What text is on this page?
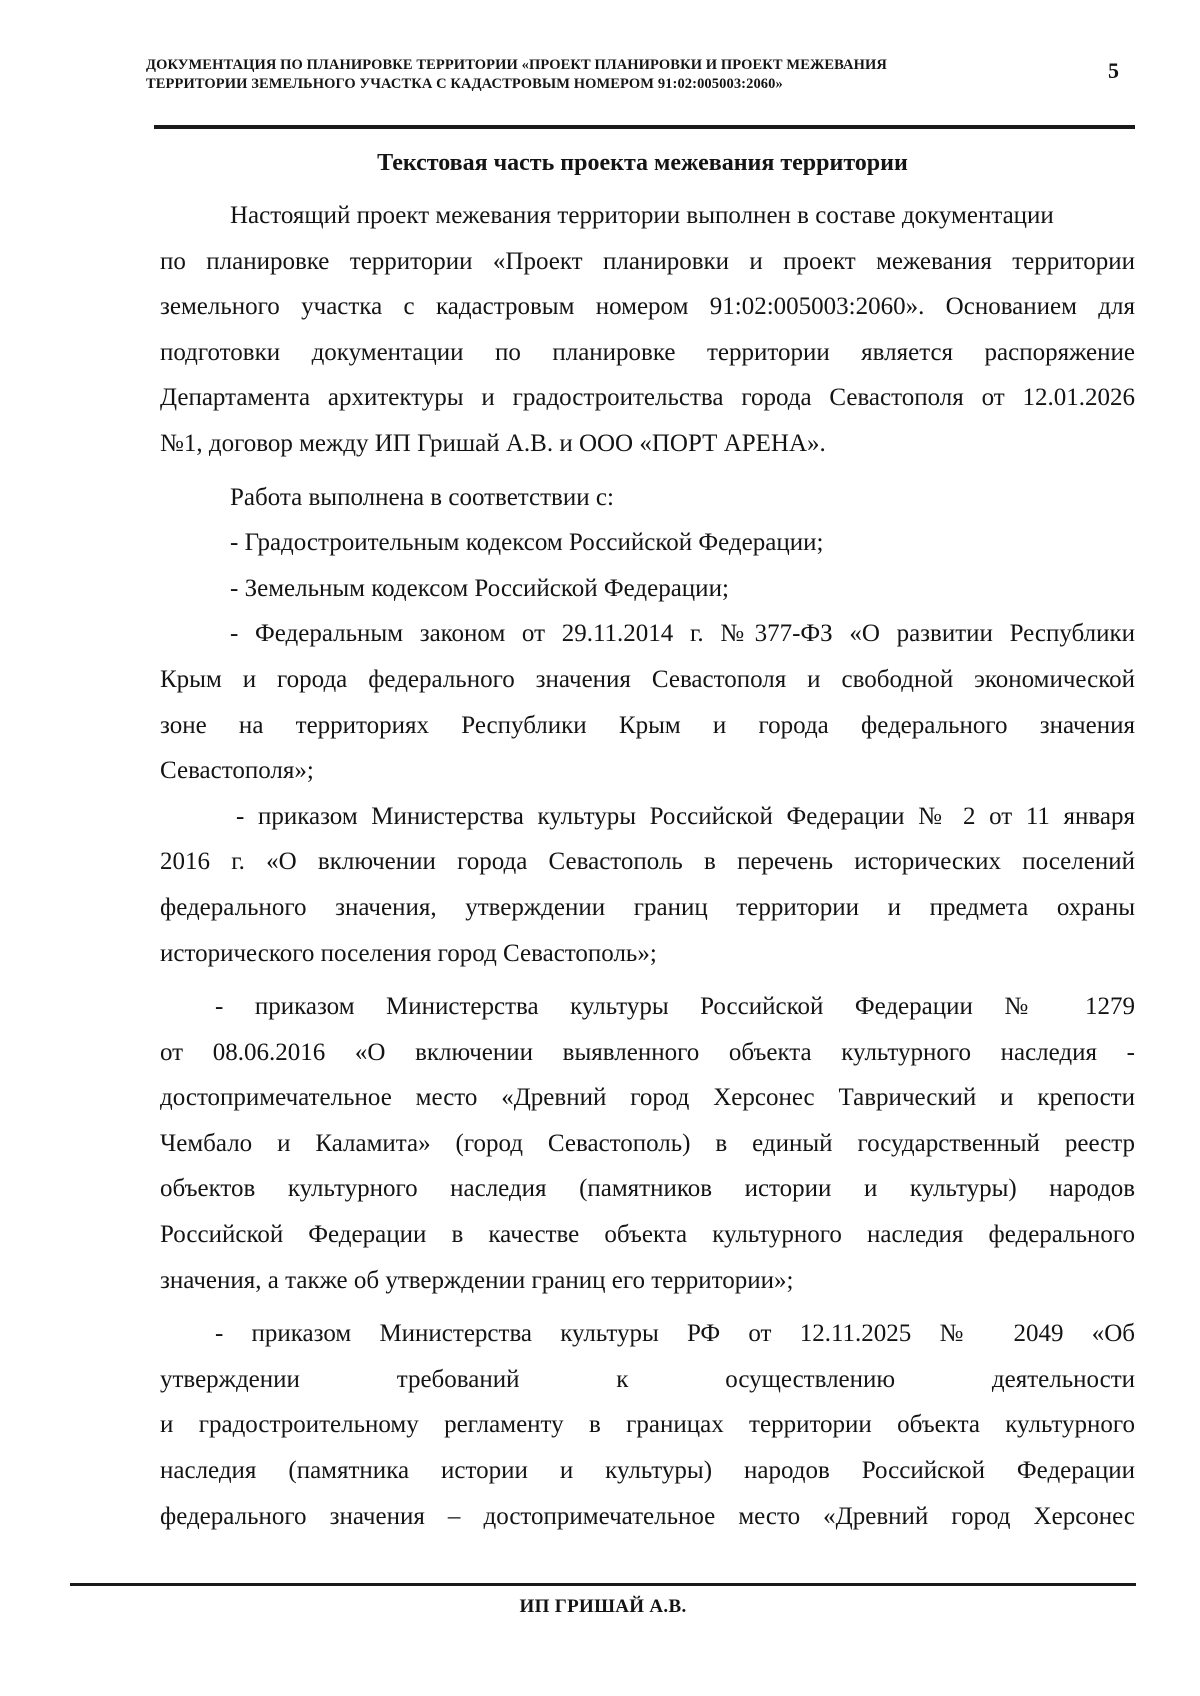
ДОКУМЕНТАЦИЯ ПО ПЛАНИРОВКЕ ТЕРРИТОРИИ «ПРОЕКТ ПЛАНИРОВКИ И ПРОЕКТ МЕЖЕВАНИЯ
ТЕРРИТОРИИ ЗЕМЕЛЬНОГО УЧАСТКА С КАДАСТРОВЫМ НОМЕРОМ 91:02:005003:2060»
5
Текстовая часть проекта межевания территории
Настоящий проект межевания территории выполнен в составе документации
по планировке территории «Проект планировки и проект межевания территории
земельного участка с кадастровым номером 91:02:005003:2060». Основанием для
подготовки документации по планировке территории является распоряжение
Департамента архитектуры и градостроительства города Севастополя от 12.01.2026
№1, договор между ИП Гришай А.В. и ООО «ПОРТ АРЕНА».
Работа выполнена в соответствии с:
- Градостроительным кодексом Российской Федерации;
- Земельным кодексом Российской Федерации;
- Федеральным законом от 29.11.2014 г. №377-ФЗ «О развитии Республики
Крым и города федерального значения Севастополя и свободной экономической
зоне на территориях Республики Крым и города федерального значения
Севастополя»;
- приказом Министерства культуры Российской Федерации № 2 от 11 января
2016 г. «О включении города Севастополь в перечень исторических поселений
федерального значения, утверждении границ территории и предмета охраны
исторического поселения город Севастополь»;
- приказом Министерства культуры Российской Федерации № 1279
от 08.06.2016 «О включении выявленного объекта культурного наследия -
достопримечательное место «Древний город Херсонес Таврический и крепости
Чембало и Каламита» (город Севастополь) в единый государственный реестр
объектов культурного наследия (памятников истории и культуры) народов
Российской Федерации в качестве объекта культурного наследия федерального
значения, а также об утверждении границ его территории»;
- приказом Министерства культуры РФ от 12.11.2025 № 2049 «Об
утверждении требований к осуществлению деятельности
и градостроительному регламенту в границах территории объекта культурного
наследия (памятника истории и культуры) народов Российской Федерации
федерального значения – достопримечательное место «Древний город Херсонес
ИП ГРИШАЙ А.В.
